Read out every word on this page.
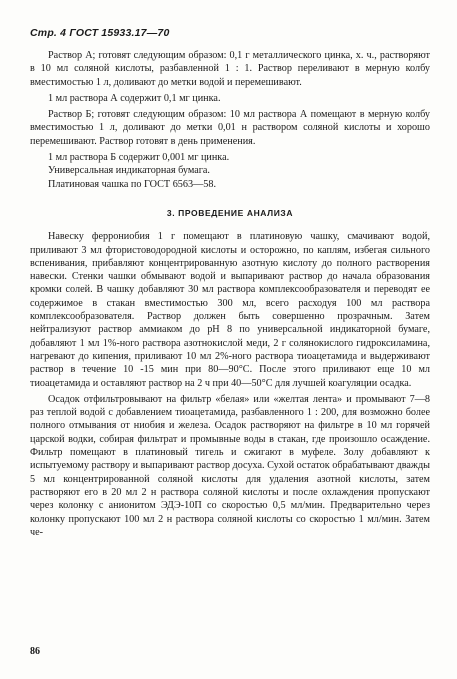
Стр. 4 ГОСТ 15933.17—70

Раствор А; готовят следующим образом: 0,1 г металлического цинка, х. ч., растворяют в 10 мл соляной кислоты, разбавленной 1 : 1. Раствор переливают в мерную колбу вместимостью 1 л, доливают до метки водой и перемешивают.

1 мл раствора А содержит 0,1 мг цинка.

Раствор Б; готовят следующим образом: 10 мл раствора А помещают в мерную колбу вместимостью 1 л, доливают до метки 0,01 н раствором соляной кислоты и хорошо перемешивают. Раствор готовят в день применения.

1 мл раствора Б содержит 0,001 мг цинка.

Универсальная индикаторная бумага.

Платиновая чашка по ГОСТ 6563—58.

3. ПРОВЕДЕНИЕ АНАЛИЗА

Навеску феррониобия 1 г помещают в платиновую чашку, смачивают водой, приливают 3 мл фтористоводородной кислоты и осторожно, по каплям, избегая сильного вспенивания, прибавляют концентрированную азотную кислоту до полного растворения навески. Стенки чашки обмывают водой и выпаривают раствор до начала образования кромки солей. В чашку добавляют 30 мл раствора комплексообразователя и переводят ее содержимое в стакан вместимостью 300 мл, всего расходуя 100 мл раствора комплексообразователя. Раствор должен быть совершенно прозрачным. Затем нейтрализуют раствор аммиаком до pH 8 по универсальной индикаторной бумаге, добавляют 1 мл 1%-ного раствора азотнокислой меди, 2 г солянокислого гидроксиламина, нагревают до кипения, приливают 10 мл 2%-ного раствора тиоацетамида и выдерживают раствор в течение 10 -15 мин при 80—90°С. После этого приливают еще 10 мл тиоацетамида и оставляют раствор на 2 ч при 40—50°С для лучшей коагуляции осадка.

Осадок отфильтровывают на фильтр «белая» или «желтая лента» и промывают 7—8 раз теплой водой с добавлением тиоацетамида, разбавленного 1 : 200, для возможно более полного отмывания от ниобия и железа. Осадок растворяют на фильтре в 10 мл горячей царской водки, собирая фильтрат и промывные воды в стакан, где произошло осаждение. Фильтр помещают в платиновый тигель и сжигают в муфеле. Золу добавляют к испытуемому раствору и выпаривают раствор досуха. Сухой остаток обрабатывают дважды 5 мл концентрированной соляной кислоты для удаления азотной кислоты, затем растворяют его в 20 мл 2 н раствора соляной кислоты и после охлаждения пропускают через колонку с анионитом ЭДЭ-10П со скоростью 0,5 мл/мин. Предварительно через колонку пропускают 100 мл 2 н раствора соляной кислоты со скоростью 1 мл/мин. Затем че-

86
